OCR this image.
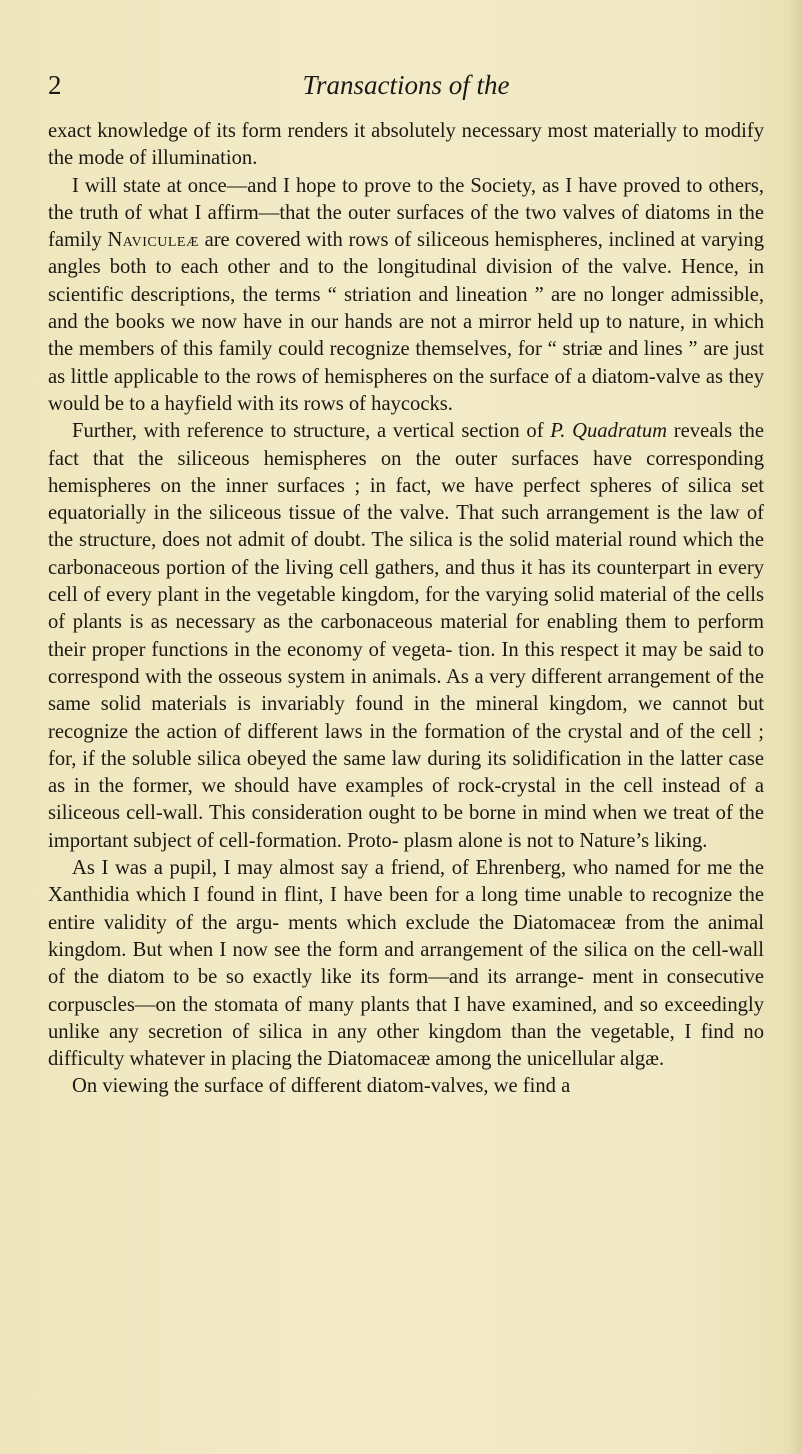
2	Transactions of the

exact knowledge of its form renders it absolutely necessary most materially to modify the mode of illumination.

I will state at once—and I hope to prove to the Society, as I have proved to others, the truth of what I affirm—that the outer surfaces of the two valves of diatoms in the family Naviculeæ are covered with rows of siliceous hemispheres, inclined at varying angles both to each other and to the longitudinal division of the valve. Hence, in scientific descriptions, the terms “ striation and lineation ” are no longer admissible, and the books we now have in our hands are not a mirror held up to nature, in which the members of this family could recognize themselves, for “ striæ and lines ” are just as little applicable to the rows of hemispheres on the surface of a diatom-valve as they would be to a hayfield with its rows of haycocks.

Further, with reference to structure, a vertical section of P. Quadratum reveals the fact that the siliceous hemispheres on the outer surfaces have corresponding hemispheres on the inner surfaces ; in fact, we have perfect spheres of silica set equatorially in the siliceous tissue of the valve. That such arrangement is the law of the structure, does not admit of doubt. The silica is the solid material round which the carbonaceous portion of the living cell gathers, and thus it has its counterpart in every cell of every plant in the vegetable kingdom, for the varying solid material of the cells of plants is as necessary as the carbonaceous material for enabling them to perform their proper functions in the economy of vegeta- tion. In this respect it may be said to correspond with the osseous system in animals. As a very different arrangement of the same solid materials is invariably found in the mineral kingdom, we cannot but recognize the action of different laws in the formation of the crystal and of the cell ; for, if the soluble silica obeyed the same law during its solidification in the latter case as in the former, we should have examples of rock-crystal in the cell instead of a siliceous cell-wall. This consideration ought to be borne in mind when we treat of the important subject of cell-formation. Proto- plasm alone is not to Nature’s liking.

As I was a pupil, I may almost say a friend, of Ehrenberg, who named for me the Xanthidia which I found in flint, I have been for a long time unable to recognize the entire validity of the argu- ments which exclude the Diatomaceæ from the animal kingdom. But when I now see the form and arrangement of the silica on the cell-wall of the diatom to be so exactly like its form—and its arrange- ment in consecutive corpuscles—on the stomata of many plants that I have examined, and so exceedingly unlike any secretion of silica in any other kingdom than the vegetable, I find no difficulty whatever in placing the Diatomaceæ among the unicellular algæ.

On viewing the surface of different diatom-valves, we find a
